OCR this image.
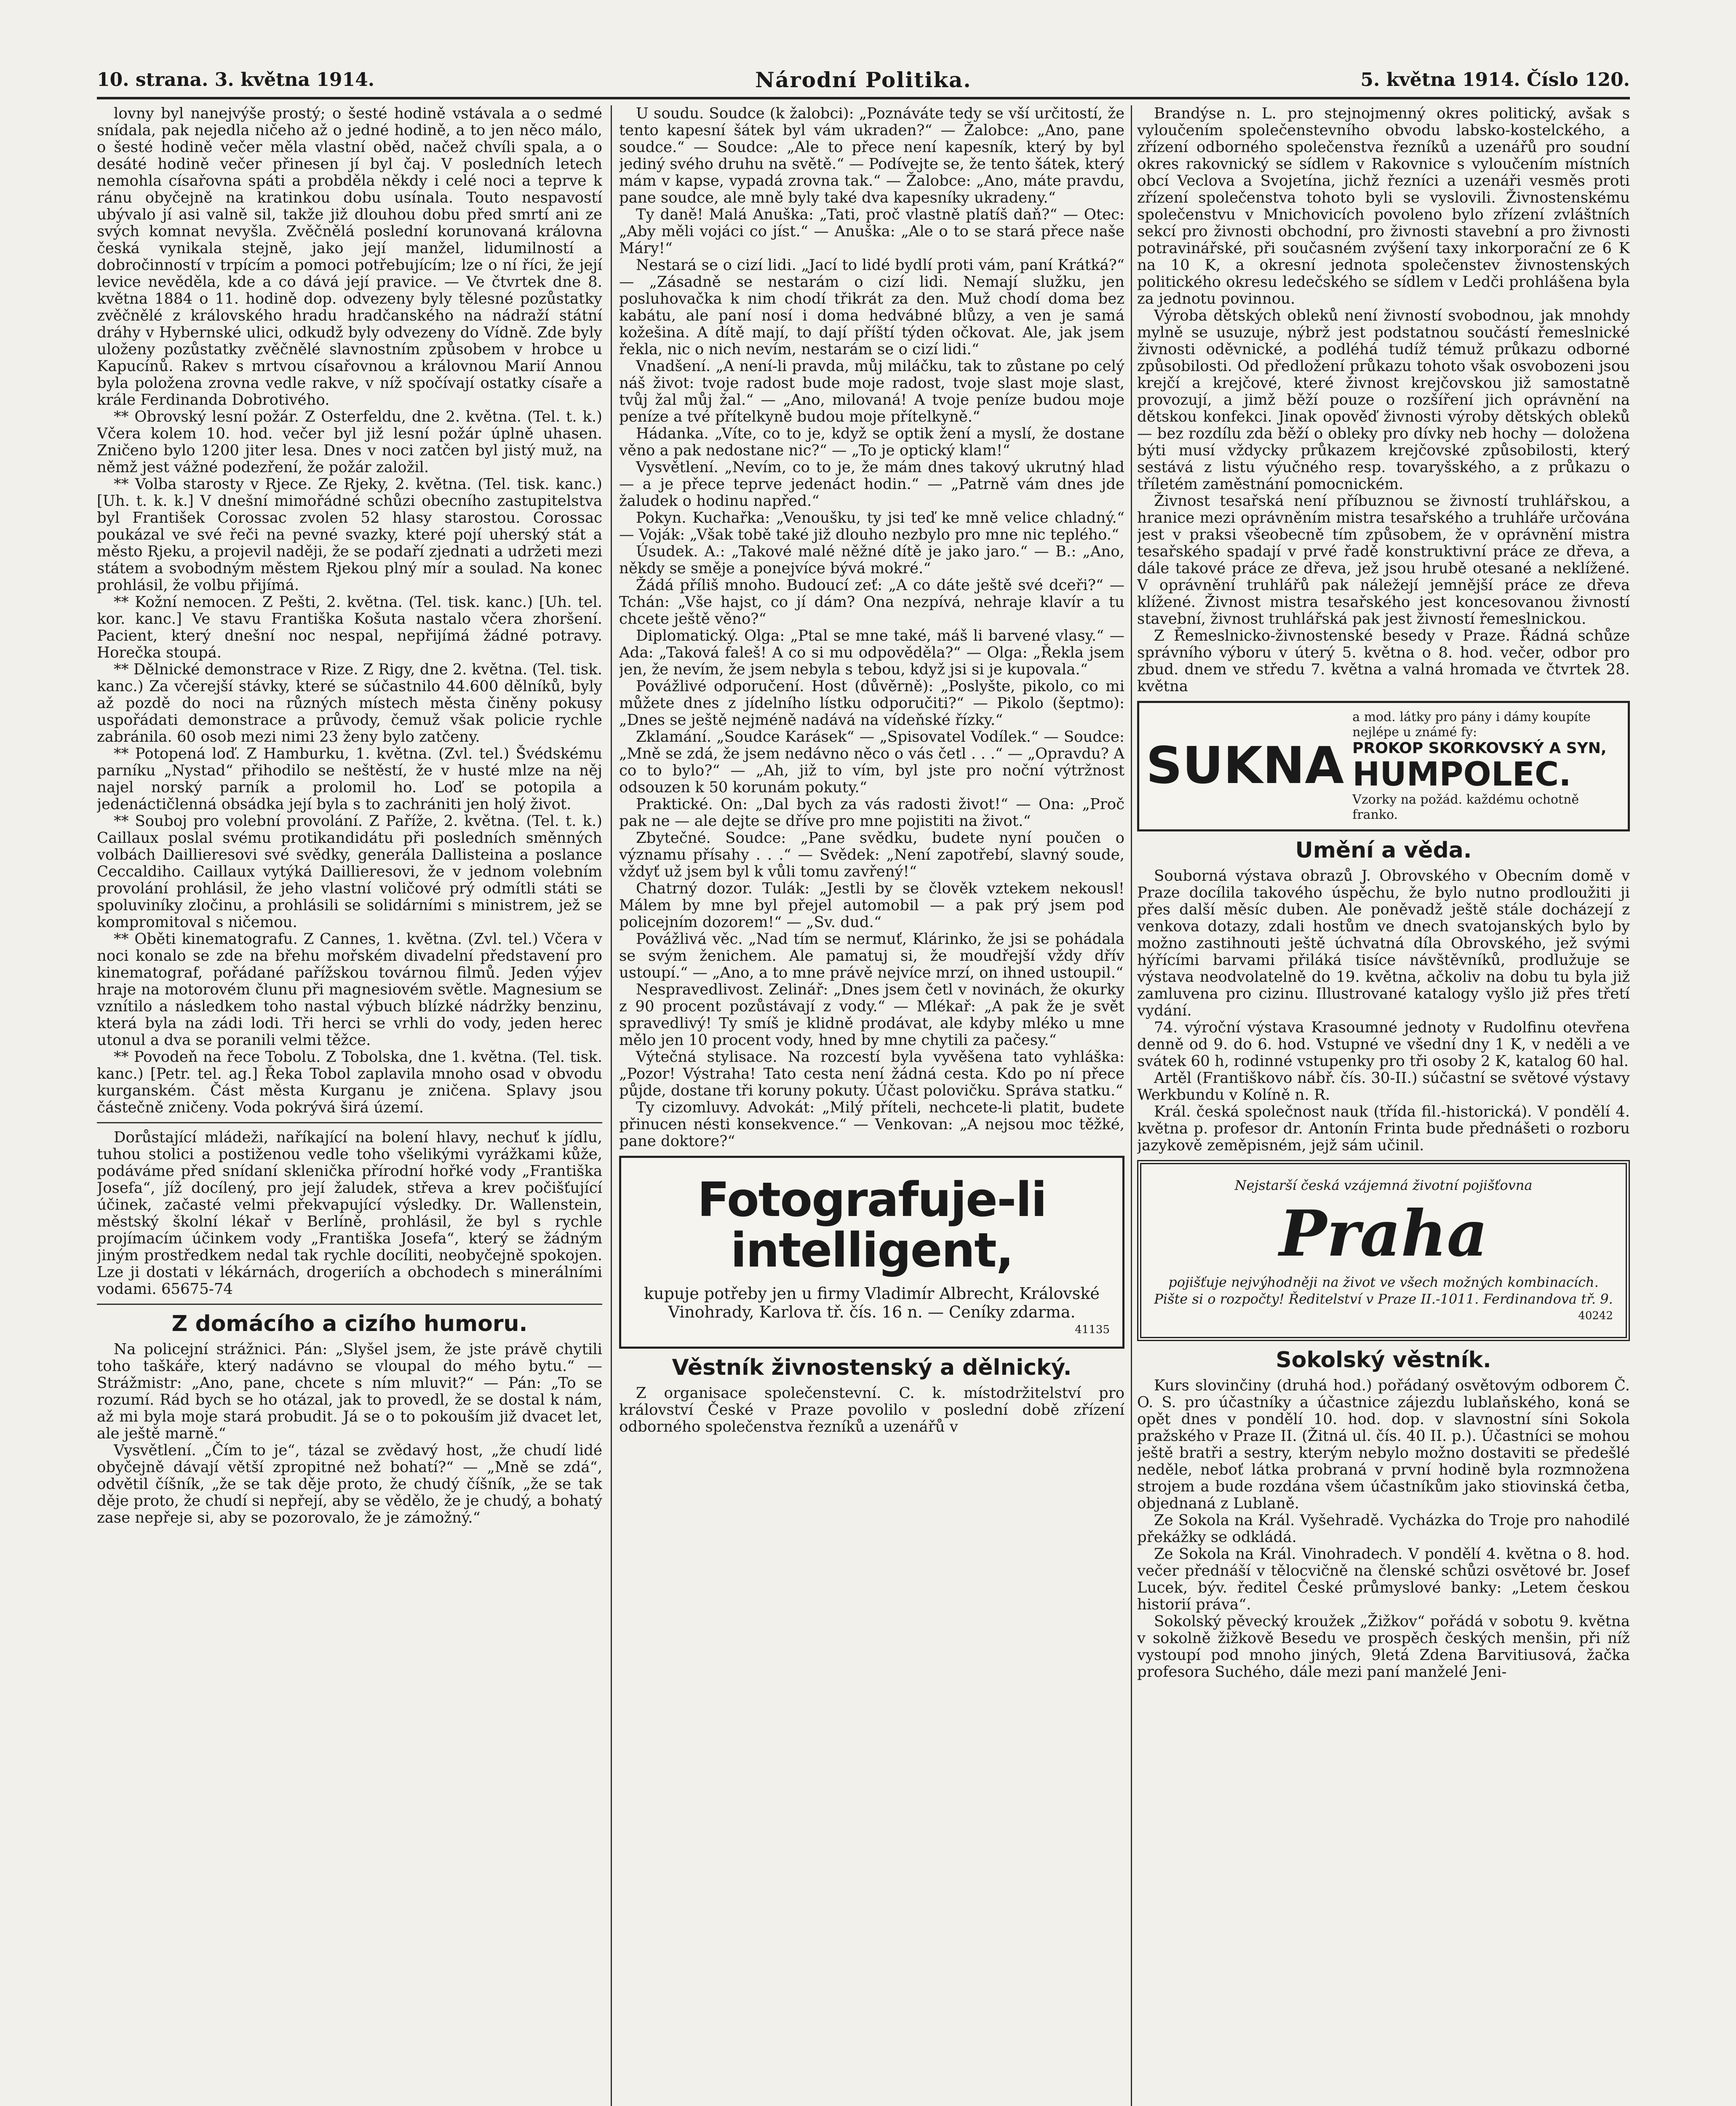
10. strana. 3. května 1914.	Národní Politika.	5. května 1914. Číslo 120.

lovny byl nanejvýše prostý; o šesté hodině vstávala a o sedmé snídala, pak nejedla ničeho až o jedné hodině, a to jen něco málo, o šesté hodině večer měla vlastní oběd, načež chvíli spala, a o desáté hodině večer přinesen jí byl čaj. V posledních letech nemohla císařovna spáti a probděla někdy i celé noci a teprve k ránu obyčejně na kratinkou dobu usínala. Touto nespavostí ubývalo jí asi valně sil, takže již dlouhou dobu před smrtí ani ze svých komnat nevyšla. Zvěčnělá poslední korunovaná královna česká vynikala stejně, jako její manžel, lidumilností a dobročinností v trpícím a pomoci potřebujícím; lze o ní říci, že její levice nevěděla, kde a co dává její pravice. — Ve čtvrtek dne 8. května 1884 o 11. hodině dop. odvezeny byly tělesné pozůstatky zvěčnělé z královského hradu hradčanského na nádraží státní dráhy v Hybernské ulici, odkudž byly odvezeny do Vídně. Zde byly uloženy pozůstatky zvěčnělé slavnostním způsobem v hrobce u Kapucínů. Rakev s mrtvou císařovnou a královnou Marií Annou byla položena zrovna vedle rakve, v níž spočívají ostatky císaře a krále Ferdinanda Dobrotivého.

** Obrovský lesní požár. Z Osterfeldu, dne 2. května. (Tel. t. k.) Včera kolem 10. hod. večer byl již lesní požár úplně uhasen. Zničeno bylo 1200 jiter lesa. Dnes v noci zatčen byl jistý muž, na němž jest vážné podezření, že požár založil.

** Volba starosty v Rjece. Ze Rjeky, 2. května. (Tel. tisk. kanc.) [Uh. t. k. k.] V dnešní mimořádné schůzi obecního zastupitelstva byl František Corossac zvolen 52 hlasy starostou. Corossac poukázal ve své řeči na pevné svazky, které pojí uherský stát a město Rjeku, a projevil naději, že se podaří zjednati a udržeti mezi státem a svobodným městem Rjekou plný mír a soulad. Na konec prohlásil, že volbu přijímá.

** Kožní nemocen. Z Pešti, 2. května. (Tel. tisk. kanc.) [Uh. tel. kor. kanc.] Ve stavu Františka Košuta nastalo včera zhoršení. Pacient, který dnešní noc nespal, nepřijímá žádné potravy. Horečka stoupá.

** Dělnické demonstrace v Rize. Z Rigy, dne 2. května. (Tel. tisk. kanc.) Za včerejší stávky, které se súčastnilo 44.600 dělníků, byly až pozdě do noci na různých místech města činěny pokusy uspořádati demonstrace a průvody, čemuž však policie rychle zabránila. 60 osob mezi nimi 23 ženy bylo zatčeny.

** Potopená loď. Z Hamburku, 1. května. (Zvl. tel.) Švédskému parníku „Nystad“ přihodilo se neštěstí, že v husté mlze na něj najel norský parník a prolomil ho. Loď se potopila a jedenáctičlenná obsádka její byla s to zachrániti jen holý život.

** Souboj pro volební provolání. Z Paříže, 2. května. (Tel. t. k.) Caillaux poslal svému protikandidátu při posledních směnných volbách Daillieresovi své svědky, generála Dallisteina a poslance Ceccaldiho. Caillaux vytýká Daillieresovi, že v jednom volebním provolání prohlásil, že jeho vlastní voličové prý odmítli státi se spoluviníky zločinu, a prohlásili se solidárními s ministrem, jež se kompromitoval s ničemou.

** Oběti kinematografu. Z Cannes, 1. května. (Zvl. tel.) Včera v noci konalo se zde na břehu mořském divadelní představení pro kinematograf, pořádané pařížskou továrnou filmů. Jeden výjev hraje na motorovém člunu při magnesiovém světle. Magnesium se vznítilo a následkem toho nastal výbuch blízké nádržky benzinu, která byla na zádi lodi. Tři herci se vrhli do vody, jeden herec utonul a dva se poranili velmi těžce.

** Povodeň na řece Tobolu. Z Tobolska, dne 1. května. (Tel. tisk. kanc.) [Petr. tel. ag.] Řeka Tobol zaplavila mnoho osad v obvodu kurganském. Část města Kurganu je zničena. Splavy jsou částečně zničeny. Voda pokrývá širá území.

Dorůstající mládeži, naříkající na bolení hlavy, nechuť k jídlu, tuhou stolici a postiženou vedle toho všelikými vyrážkami kůže, podáváme před snídaní sklenička přírodní hořké vody „Františka Josefa“, jíž docílený, pro její žaludek, střeva a krev počišťující účinek, začasté velmi překvapující výsledky. Dr. Wallenstein, městský školní lékař v Berlíně, prohlásil, že byl s rychle projímacím účinkem vody „Františka Josefa“, který se žádným jiným prostředkem nedal tak rychle docíliti, neobyčejně spokojen. Lze ji dostati v lékárnách, drogeriích a obchodech s minerálními vodami. 65675-74

Z domácího a cizího humoru.

Na policejní strážnici. Pán: „Slyšel jsem, že jste právě chytili toho taškáře, který nadávno se vloupal do mého bytu.“ — Strážmistr: „Ano, pane, chcete s ním mluvit?“ — Pán: „To se rozumí. Rád bych se ho otázal, jak to provedl, že se dostal k nám, až mi byla moje stará probudit. Já se o to pokouším již dvacet let, ale ještě marně.“

Vysvětlení. „Čím to je“, tázal se zvědavý host, „že chudí lidé obyčejně dávají větší zpropitné než bohatí?“ — „Mně se zdá“, odvětil číšník, „že se tak děje proto, že chudý číšník, „že se tak děje proto, že chudí si nepřejí, aby se vědělo, že je chudý, a bohatý zase nepřeje si, aby se pozorovalo, že je zámožný.“

U soudu. Soudce (k žalobci): „Poznáváte tedy se vší určitostí, že tento kapesní šátek byl vám ukraden?“ — Žalobce: „Ano, pane soudce.“ — Soudce: „Ale to přece není kapesník, který by byl jediný svého druhu na světě.“ — Podívejte se, že tento šátek, který mám v kapse, vypadá zrovna tak.“ — Žalobce: „Ano, máte pravdu, pane soudce, ale mně byly také dva kapesníky ukradeny.“

Ty daně! Malá Anuška: „Tati, proč vlastně platíš daň?“ — Otec: „Aby měli vojáci co jíst.“ — Anuška: „Ale o to se stará přece naše Máry!“

Nestará se o cizí lidi. „Jací to lidé bydlí proti vám, paní Krátká?“ — „Zásadně se nestarám o cizí lidi. Nemají služku, jen posluhovačka k nim chodí třikrát za den. Muž chodí doma bez kabátu, ale paní nosí i doma hedvábné blůzy, a ven je samá kožešina. A dítě mají, to dají příští týden očkovat. Ale, jak jsem řekla, nic o nich nevím, nestarám se o cizí lidi.“

Vnadšení. „A není-li pravda, můj miláčku, tak to zůstane po celý náš život: tvoje radost bude moje radost, tvoje slast moje slast, tvůj žal můj žal.“ — „Ano, milovaná! A tvoje peníze budou moje peníze a tvé přítelkyně budou moje přítelkyně.“

Hádanka. „Víte, co to je, když se optik žení a myslí, že dostane věno a pak nedostane nic?“ — „To je optický klam!“

Vysvětlení. „Nevím, co to je, že mám dnes takový ukrutný hlad — a je přece teprve jedenáct hodin.“ — „Patrně vám dnes jde žaludek o hodinu napřed.“

Pokyn. Kuchařka: „Venoušku, ty jsi teď ke mně velice chladný.“ — Voják: „Však tobě také již dlouho nezbylo pro mne nic teplého.“

Úsudek. A.: „Takové malé něžné dítě je jako jaro.“ — B.: „Ano, někdy se směje a ponejvíce bývá mokré.“

Žádá příliš mnoho. Budoucí zeť: „A co dáte ještě své dceři?“ — Tchán: „Vše hajst, co jí dám? Ona nezpívá, nehraje klavír a tu chcete ještě věno?“

Diplomatický. Olga: „Ptal se mne také, máš li barvené vlasy.“ — Ada: „Taková faleš! A co si mu odpověděla?“ — Olga: „Řekla jsem jen, že nevím, že jsem nebyla s tebou, když jsi si je kupovala.“

Povážlivé odporučení. Host (důvěrně): „Poslyšte, pikolo, co mi můžete dnes z jídelního lístku odporučiti?“ — Pikolo (šeptmo): „Dnes se ještě nejméně nadává na vídeňské řízky.“

Zklamání. „Soudce Karásek“ — „Spisovatel Vodílek.“ — Soudce: „Mně se zdá, že jsem nedávno něco o vás četl . . .“ — „Opravdu? A co to bylo?“ — „Ah, již to vím, byl jste pro noční výtržnost odsouzen k 50 korunám pokuty.“

Praktické. On: „Dal bych za vás radosti život!“ — Ona: „Proč pak ne — ale dejte se dříve pro mne pojistiti na život.“

Zbytečné. Soudce: „Pane svědku, budete nyní poučen o významu přísahy . . .“ — Svědek: „Není zapotřebí, slavný soude, vždyť už jsem byl k vůli tomu zavřený!“

Chatrný dozor. Tulák: „Jestli by se člověk vztekem nekousl! Málem by mne byl přejel automobil — a pak prý jsem pod policejním dozorem!“ — „Sv. dud.“

Povážlivá věc. „Nad tím se nermuť, Klárinko, že jsi se pohádala se svým ženichem. Ale pamatuj si, že moudřejší vždy dřív ustoupí.“ — „Ano, a to mne právě nejvíce mrzí, on ihned ustoupil.“

Nespravedlivost. Zelinář: „Dnes jsem četl v novinách, že okurky z 90 procent pozůstávají z vody.“ — Mlékař: „A pak že je svět spravedlivý! Ty smíš je klidně prodávat, ale kdyby mléko u mne mělo jen 10 procent vody, hned by mne chytili za pačesy.“

Výtečná stylisace. Na rozcestí byla vyvěšena tato vyhláška: „Pozor! Výstraha! Tato cesta není žádná cesta. Kdo po ní přece půjde, dostane tři koruny pokuty. Účast polovičku. Správa statku.“

Ty cizomluvy. Advokát: „Milý příteli, nechcete-li platit, budete přinucen nésti konsekvence.“ — Venkovan: „A nejsou moc těžké, pane doktore?“

Fotografuje-li intelligent,
kupuje potřeby jen u firmy Vladimír Albrecht, Královské Vinohrady, Karlova tř. čís. 16 n. — Ceníky zdarma.
41135
Věstník živnostenský a dělnický.

Z organisace společenstevní. C. k. místodržitelství pro království České v Praze povolilo v poslední době zřízení odborného společenstva řezníků a uzenářů v

Brandýse n. L. pro stejnojmenný okres politický, avšak s vyloučením společenstevního obvodu labsko-kostelckého, a zřízení odborného společenstva řezníků a uzenářů pro soudní okres rakovnický se sídlem v Rakovnice s vyloučením místních obcí Veclova a Svojetína, jichž řezníci a uzenáři vesměs proti zřízení společenstva tohoto byli se vyslovili. Živnostenskému společenstvu v Mnichovicích povoleno bylo zřízení zvláštních sekcí pro živnosti obchodní, pro živnosti stavební a pro živnosti potravinářské, při současném zvýšení taxy inkorporační ze 6 K na 10 K, a okresní jednota společenstev živnostenských politického okresu ledečského se sídlem v Ledči prohlášena byla za jednotu povinnou.

Výroba dětských obleků není živností svobodnou, jak mnohdy mylně se usuzuje, nýbrž jest podstatnou součástí řemeslnické živnosti oděvnické, a podléhá tudíž témuž průkazu odborné způsobilosti. Od předložení průkazu tohoto však osvobozeni jsou krejčí a krejčové, které živnost krejčovskou již samostatně provozují, a jimž běží pouze o rozšíření jich oprávnění na dětskou konfekci. Jinak opověď živnosti výroby dětských obleků — bez rozdílu zda běží o obleky pro dívky neb hochy — doložena býti musí vždycky průkazem krejčovské způsobilosti, který sestává z listu výučného resp. tovaryšského, a z průkazu o tříletém zaměstnání pomocnickém.

Živnost tesařská není příbuznou se živností truhlářskou, a hranice mezi oprávněním mistra tesařského a truhláře určována jest v praksi všeobecně tím způsobem, že v oprávnění mistra tesařského spadají v prvé řadě konstruktivní práce ze dřeva, a dále takové práce ze dřeva, jež jsou hrubě otesané a neklížené. V oprávnění truhlářů pak náležejí jemnější práce ze dřeva klížené. Živnost mistra tesařského jest koncesovanou živností stavební, živnost truhlářská pak jest živností řemeslnickou.

Z Řemeslnicko-živnostenské besedy v Praze. Řádná schůze správního výboru v úterý 5. května o 8. hod. večer, odbor pro zbud. dnem ve středu 7. května a valná hromada ve čtvrtek 28. května

SUKNA
a mod. látky pro pány i dámy koupíte nejlépe u známé fy:
PROKOP SKORKOVSKÝ A SYN,
HUMPOLEC.
Vzorky na požád. každému ochotně franko.
Umění a věda.

Souborná výstava obrazů J. Obrovského v Obecním domě v Praze docílila takového úspěchu, že bylo nutno prodloužiti ji přes další měsíc duben. Ale poněvadž ještě stále docházejí z venkova dotazy, zdali hostům ve dnech svatojanských bylo by možno zastihnouti ještě úchvatná díla Obrovského, jež svými hýřícími barvami přiláká tisíce návštěvníků, prodlužuje se výstava neodvolatelně do 19. května, ačkoliv na dobu tu byla již zamluvena pro cizinu. Illustrované katalogy vyšlo již přes třetí vydání.

74. výroční výstava Krasoumné jednoty v Rudolfinu otevřena denně od 9. do 6. hod. Vstupné ve všední dny 1 K, v neděli a ve svátek 60 h, rodinné vstupenky pro tři osoby 2 K, katalog 60 hal.

Artěl (Františkovo nábř. čís. 30-II.) súčastní se světové výstavy Werkbundu v Kolíně n. R.

Král. česká společnost nauk (třída fil.-historická). V pondělí 4. května p. profesor dr. Antonín Frinta bude přednášeti o rozboru jazykově zeměpisném, jejž sám učinil.

Nejstarší česká vzájemná životní pojišťovna
Praha
pojišťuje nejvýhodněji na život ve všech možných kombinacích. Pište si o rozpočty! Ředitelství v Praze II.-1011. Ferdinandova tř. 9.
40242
Sokolský věstník.

Kurs slovinčiny (druhá hod.) pořádaný osvětovým odborem Č. O. S. pro účastníky a účastnice zájezdu lublaňského, koná se opět dnes v pondělí 10. hod. dop. v slavnostní síni Sokola pražského v Praze II. (Žitná ul. čís. 40 II. p.). Účastníci se mohou ještě bratři a sestry, kterým nebylo možno dostaviti se předešlé neděle, neboť látka probraná v první hodině byla rozmnožena strojem a bude rozdána všem účastníkům jako stiovinská četba, objednaná z Lublaně.

Ze Sokola na Král. Vyšehradě. Vycházka do Troje pro nahodilé překážky se odkládá.

Ze Sokola na Král. Vinohradech. V pondělí 4. května o 8. hod. večer přednáší v tělocvičně na členské schůzi osvětové br. Josef Lucek, býv. ředitel České průmyslové banky: „Letem českou historií práva“.

Sokolský pěvecký kroužek „Žižkov“ pořádá v sobotu 9. května v sokolně žižkově Besedu ve prospěch českých menšin, při níž vystoupí pod mnoho jiných, 9letá Zdena Barvitiusová, žačka profesora Suchého, dále mezi paní manželé Jeni-
